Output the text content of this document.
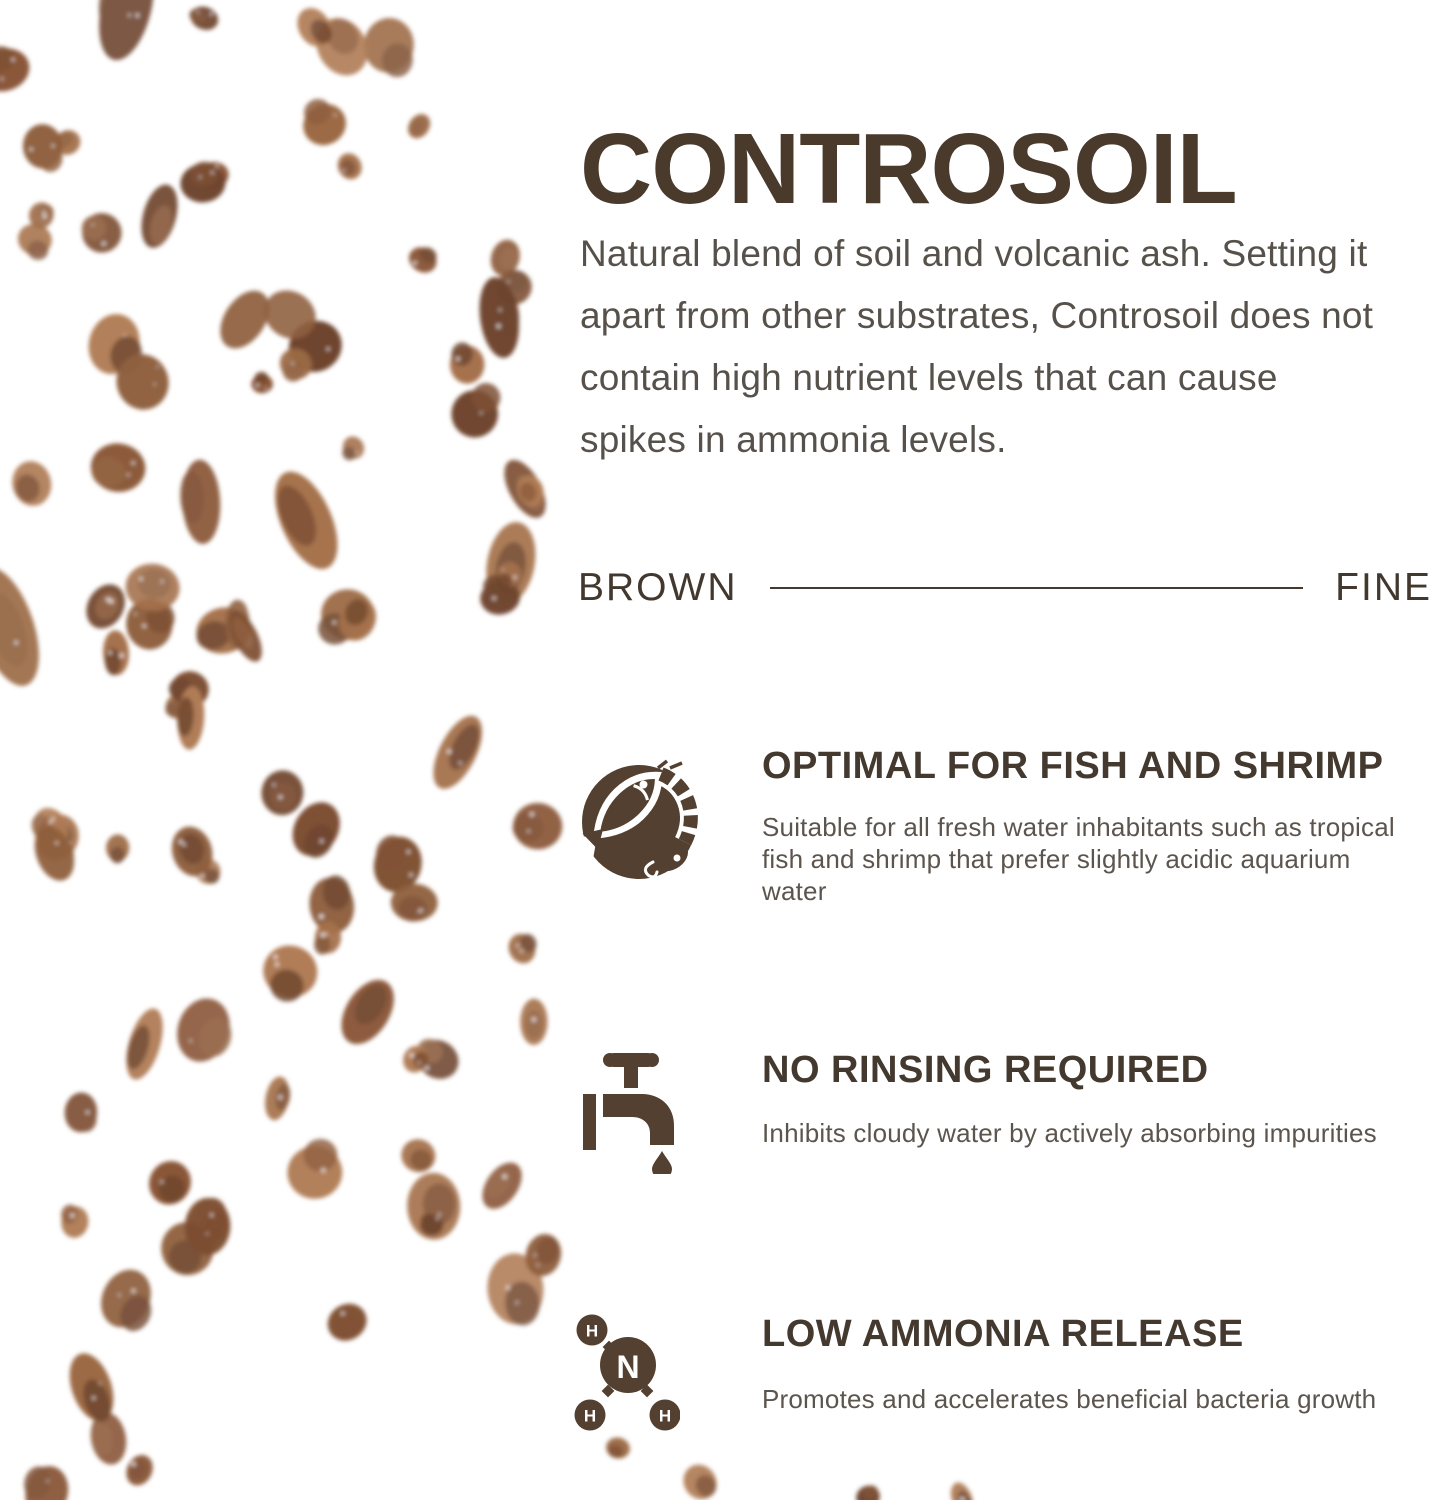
CONTROSOIL

Natural blend of soil and volcanic ash. Setting it apart from other substrates, Controsoil does not contain high nutrient levels that can cause spikes in ammonia levels.

BROWN	FINE
OPTIMAL FOR FISH AND SHRIMP
Suitable for all fresh water inhabitants such as tropical fish and shrimp that prefer slightly acidic aquarium water
NO RINSING REQUIRED
Inhibits cloudy water by actively absorbing impurities
N
H
H	H
LOW AMMONIA RELEASE
Promotes and accelerates beneficial bacteria growth
